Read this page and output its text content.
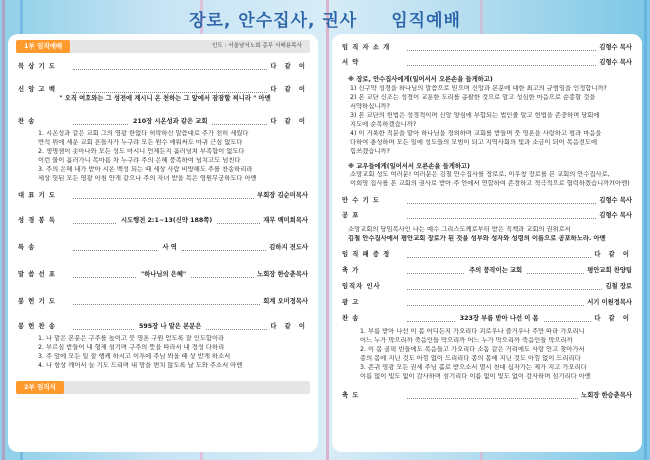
장로, 안수집사, 권사 임직예배
1부 임직예배	인도 : 서울남서노회 총무 서배용목사
묵 상 기 도	다 같 이
신 앙 고 백	다 같 이
" 오직 여호와는 그 성전에 계시니 온 천하는 그 앞에서 잠잠할 찌니라 " 아멘
찬 송	210장 시온성과 같은 교회	다 같 이

1. 시온성과 같은 교회 그의 영광 한없다 허락하신 말씀대로 주가 친히 세웠다

반석 위에 세운 교회 흔들자가 누구랴 모든 원수 에워싸도 마귀 근심 없도다

2. 생명샘이 솟아나와 모든 성도 마시니 언제든지 흘러넘쳐 부족함이 없도다

이런 물이 흘러가니 목마름 차 누구랴 주의 은혜 풍족하여 넘치고도 넘친다

3. 주의 은혜 내가 받아 시온 백성 되는 때 세상 사람 비방해도 주를 찬송하리라

세상 헛된 모든 영광 아침 안개 같으나 주의 자녀 받을 복은 영원무궁하도다 아멘

대 표 기 도	부회장 김순미목사
성 경 봉 독	시도행전 2:1~13(신약 188쪽)	재무 백미희목사
특 송	사 역	김하지 전도사
말 씀 선 포	"하나님의 은혜"	노회장 한승춘목사
봉 헌 기 도	회계 오미정목사
봉 헌 찬 송	595장 나 맡은 본분은	다 같 이

1. 나 맡은 본분은 구주를 높이고 뭇 영혼 구원 얻도록 잘 인도함이라

2. 부르심 받들어 내 형제 섬기며 구주의 뜻을 따라서 내 정성 다하리

3. 주 앞에 모든 일 잘 행케 하시고 이후에 주님 뵈올 때 상 받게 하소서

4. 나 항상 깨어서 늘 기도 드리며 내 맘을 변치 않도록 날 도와 주소서 아멘

2부 임직식
임 직 자 소 개	김형수 목사
서 약	김형수 목사
※ 장로, 안수집사에게(일어서서 오른손을 들게하고)

1) 신구약 성경을 하나님의 말씀으로 믿으며 신앙과 본분에 대한 최고의 규범임을 인정합니까?

2) 본 교단 신조는 성경이 교훈한 도리를 총괄한 것으로 알고 성심한 마음으로 순종할 것을

서약하십니까?

3) 본 교단의 헌법은 성경적이며 신앙 양심에 부합되는 법인줄 알고 헌법을 존중하며 당회에

지도에 순복하겠습니까?

4) 이 거룩한 직분을 맡아 하나님을 경외하며 교회를 받들며 뭇 영혼을 사랑하고 평과 마음을

다하여 충성하며 모든 일에 성도들의 모범이 되고 지역사회의 빛과 소금이 되어 복음전도에

힘쓰겠습니까?

※ 교우들에게(일어서서 오른손을 들게하고)

소망교회 성도 여러분! 여러분은 김철 안수집사를 장로로, 이우창 장로를 본 교회의 안수집사로,

이희영 집사를 본 교회의 권사로 받아 주 안에서 연합하여 존경하고 적극적으로 협력하겠습니까?(아멘)

안 수 기 도	김형수 목사
공 포	김형수 목사

소망교회의 당임목사인 나는 예수 그리스도께로부터 받은 직책과 교회의 권위로서

김철 안수집사에서 평안교회 장로가 된 것을 성부와 성자와 성령의 이름으로 공포하노라. 아멘

임 직 패 증 정	다 같 이
축 가	주의 풍작이는 교회	평안교회 찬양팀
임직자 인사	김철 장로
광 고	서기 이원정목사
찬 송	323장 부름 받아 나선 이 몸	다 같 이

1. 부름 받아 나선 이 몸 어디든지 가오리다 괴로우나 즐거우나 주만 따라 가오리니

어느 누가 막으리까 죽음인들 막으리까 어느 누가 막으리까 죽음인들 막으리까

2. 이 몸 골픽 빈들에도 복음들고 가오리다 소돔 같은 거리에도 사랑 안고 찾아가서

종의 몸에 지닌 것도 아낌 없이 드리리다 종의 몸에 지닌 것도 아낌 없이 드리리다

3. 존귀 영광 모든 권세 주님 홀로 받으소서 멸시 천대 십자가는 제가 지고 가오리다

이름 없이 빛도 없이 감사하며 섬기리다 이름 없이 빛도 없이 감사하며 섬기리다 아멘

축 도	노회장 한승춘목사
